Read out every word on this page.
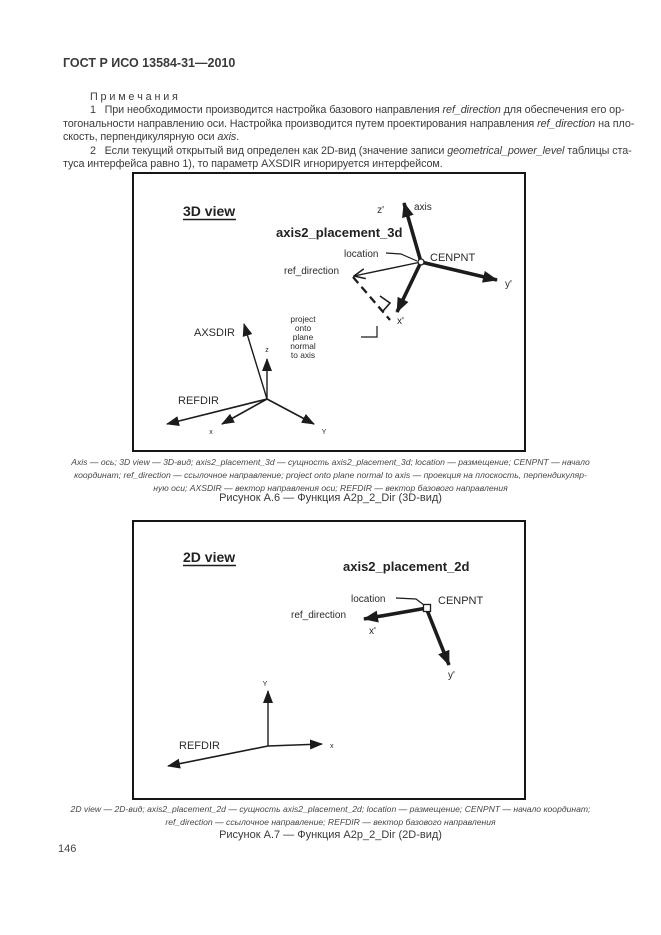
ГОСТ Р ИСО 13584-31—2010
П р и м е ч а н и я
1   При необходимости производится настройка базового направления ref_direction для обеспечения его ор-
тогональности направлению оси. Настройка производится путем проектирования направления ref_direction на пло-
скость, перпендикулярную оси axis.
2   Если текущий открытый вид определен как 2D-вид (значение записи geometrical_power_level таблицы ста-
туса интерфейса равно 1), то параметр AXSDIR игнорируется интерфейсом.
3D view
axis2_placement_3d
z'	axis
location	CENPNT
ref_direction
y'
x'
project
onto
plane
normal
to axis
AXSDIR
z
REFDIR
x	Y
Axis — ось; 3D view — 3D-вид; axis2_placement_3d — сущность axis2_placement_3d; location — размещение; CENPNT — начало
координат; ref_direction — ссылочное направление; project onto plane normal to axis — проекция на плоскость, перпендикуляр-
ную оси; AXSDIR — вектор направления оси; REFDIR — вектор базового направления
Рисунок А.6 — Функция A2p_2_Dir (3D-вид)
2D view
axis2_placement_2d
location	CENPNT
ref_direction
x'
y'
Y
x
REFDIR
2D view — 2D-вид; axis2_placement_2d — сущность axis2_placement_2d; location — размещение; CENPNT — начало координат;
ref_direction — ссылочное направление; REFDIR — вектор базового направления
Рисунок А.7 — Функция A2p_2_Dir (2D-вид)
146
